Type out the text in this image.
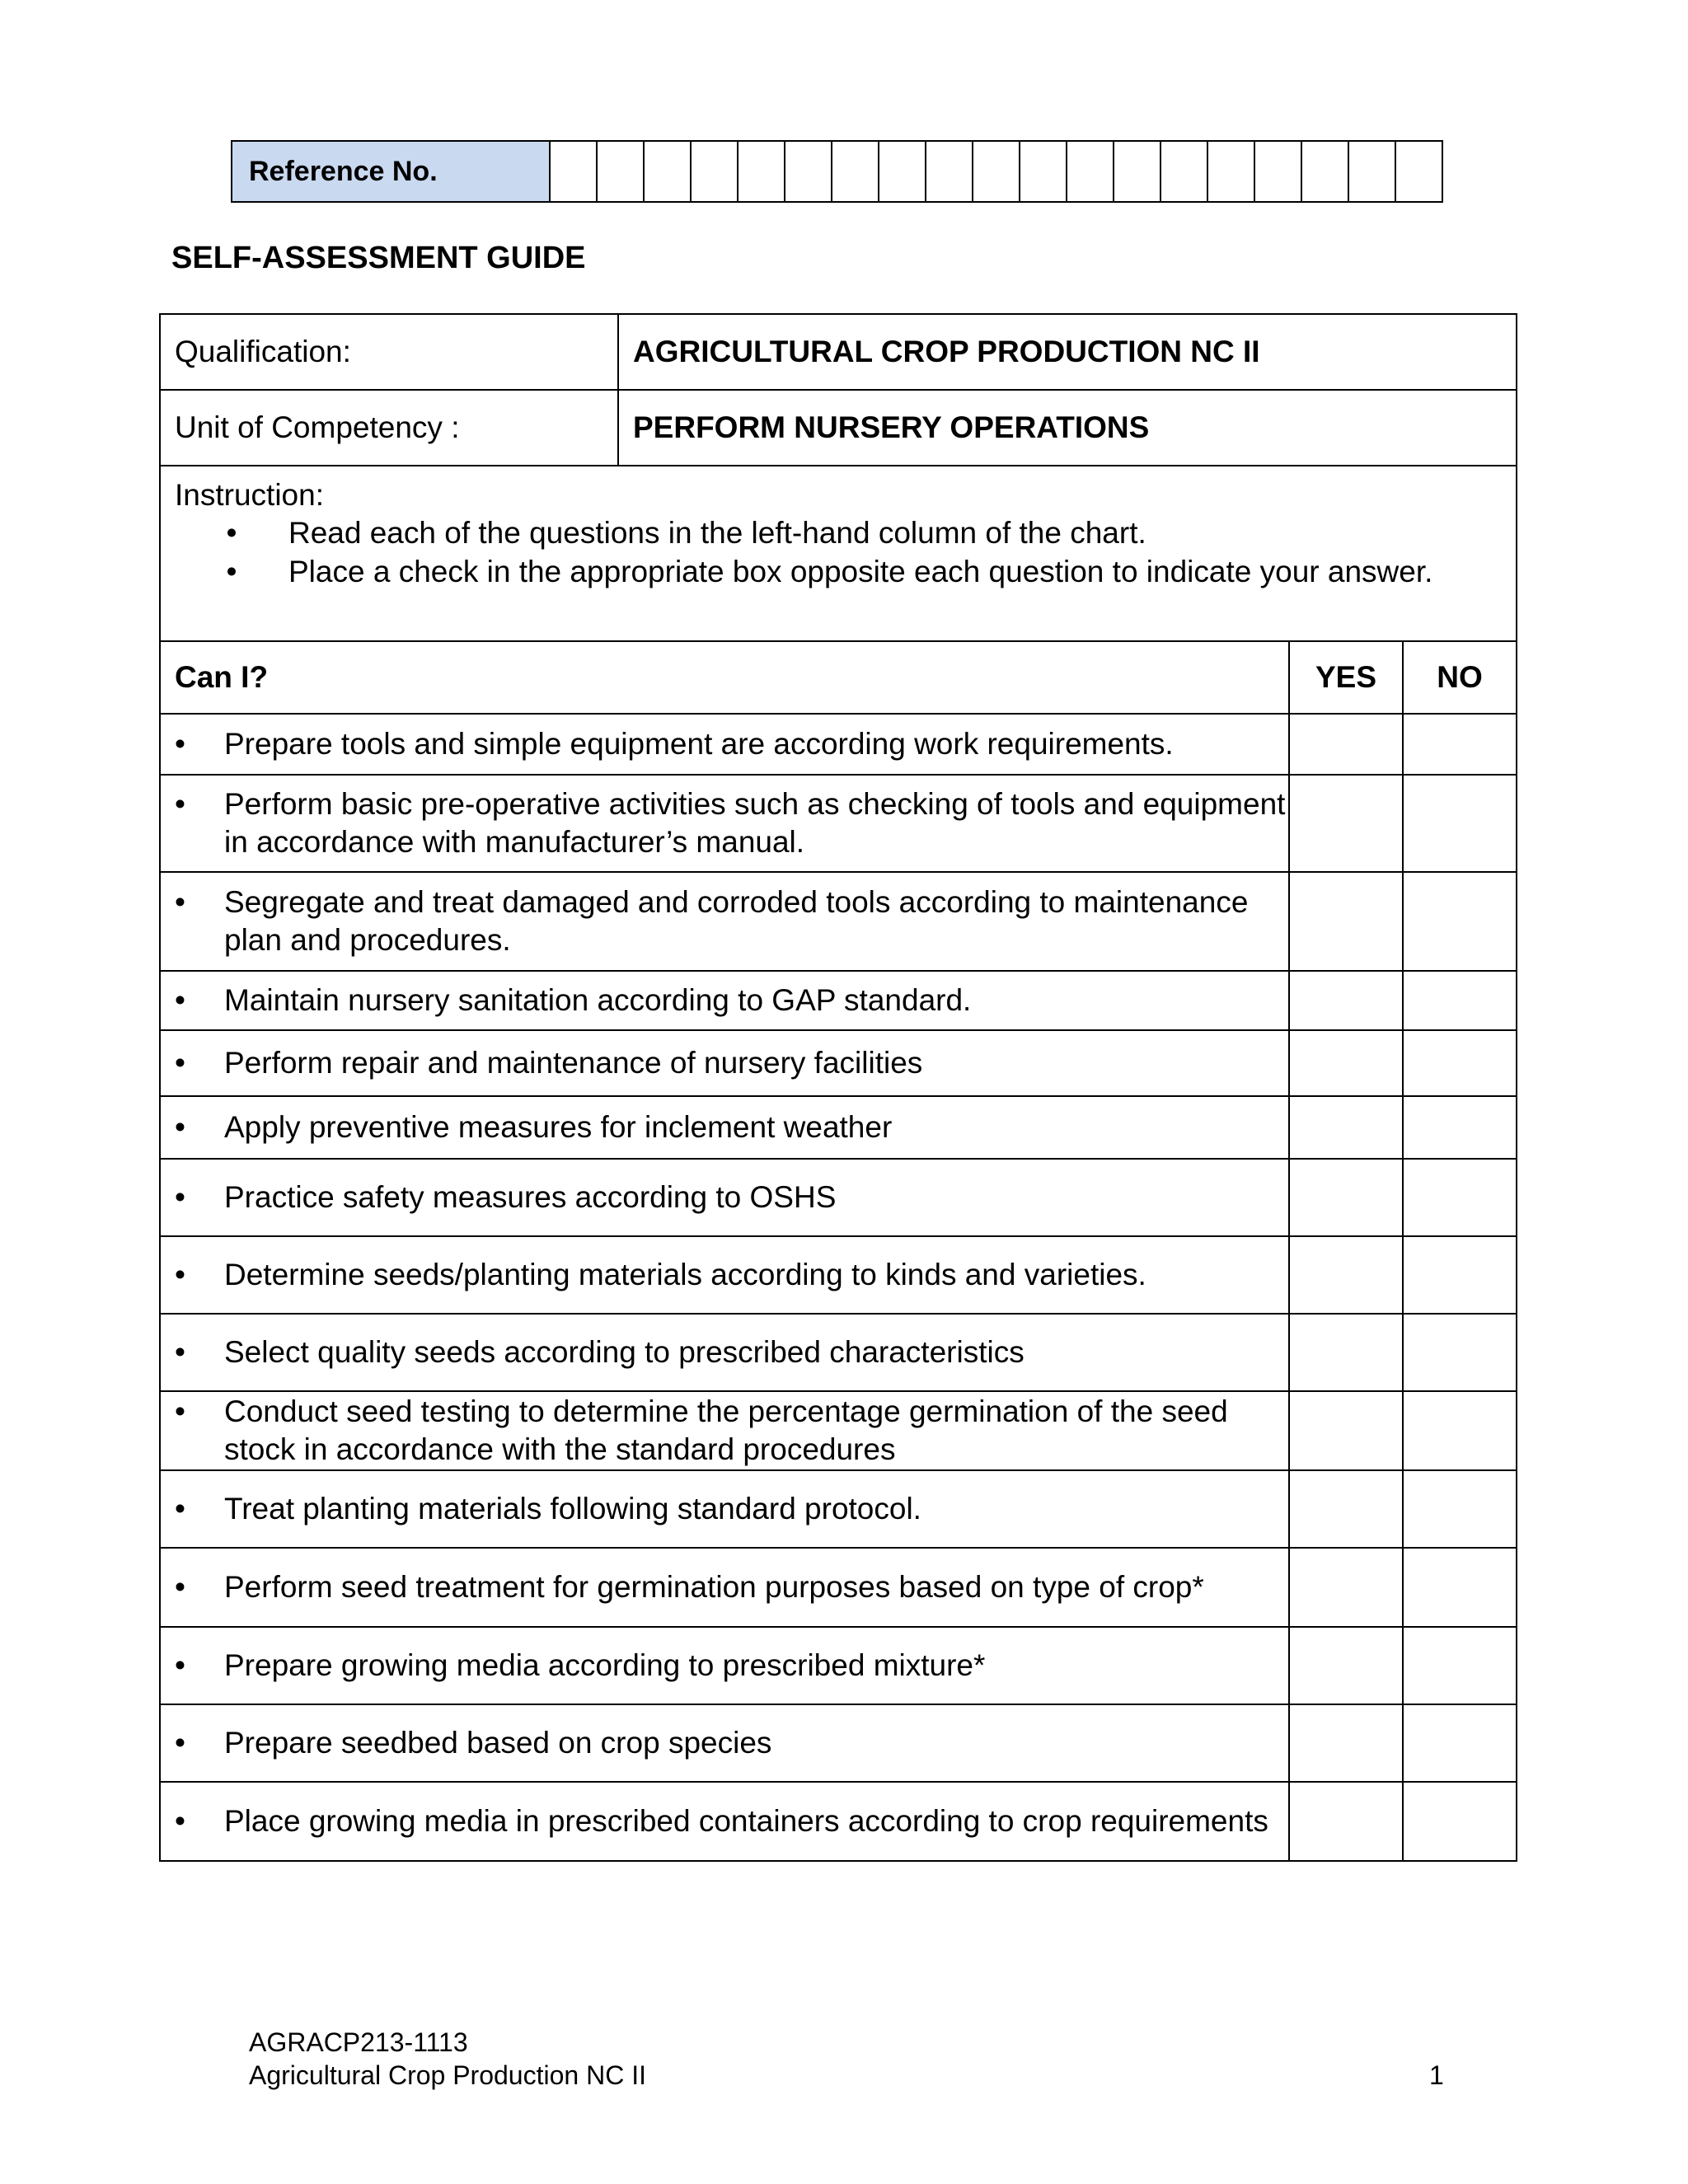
Reference No.																			
SELF-ASSESSMENT GUIDE
Qualification:	AGRICULTURAL CROP PRODUCTION NC II		
Unit of Competency :	PERFORM NURSERY OPERATIONS		

Instruction:
• Read each of the questions in the left-hand column of the chart.
• Place a check in the appropriate box opposite each question to indicate your answer.			

Can I?		YES	NO

• Prepare tools and simple equipment are according work requirements.			

• Perform basic pre-operative activities such as checking of tools and equipment in accordance with manufacturer’s manual.			

• Segregate and treat damaged and corroded tools according to maintenance plan and procedures.			

• Maintain nursery sanitation according to GAP standard.			

• Perform repair and maintenance of nursery facilities			

• Apply preventive measures for inclement weather			

• Practice safety measures according to OSHS			

• Determine seeds/planting materials according to kinds and varieties.			

• Select quality seeds according to prescribed characteristics			

• Conduct seed testing to determine the percentage germination of the seed stock in accordance with the standard procedures			

• Treat planting materials following standard protocol.			

• Perform seed treatment for germination purposes based on type of crop*			

• Prepare growing media according to prescribed mixture*			

• Prepare seedbed based on crop species			

• Place growing media in prescribed containers according to crop requirements			

AGRACP213-1113
Agricultural Crop Production NC II	1
